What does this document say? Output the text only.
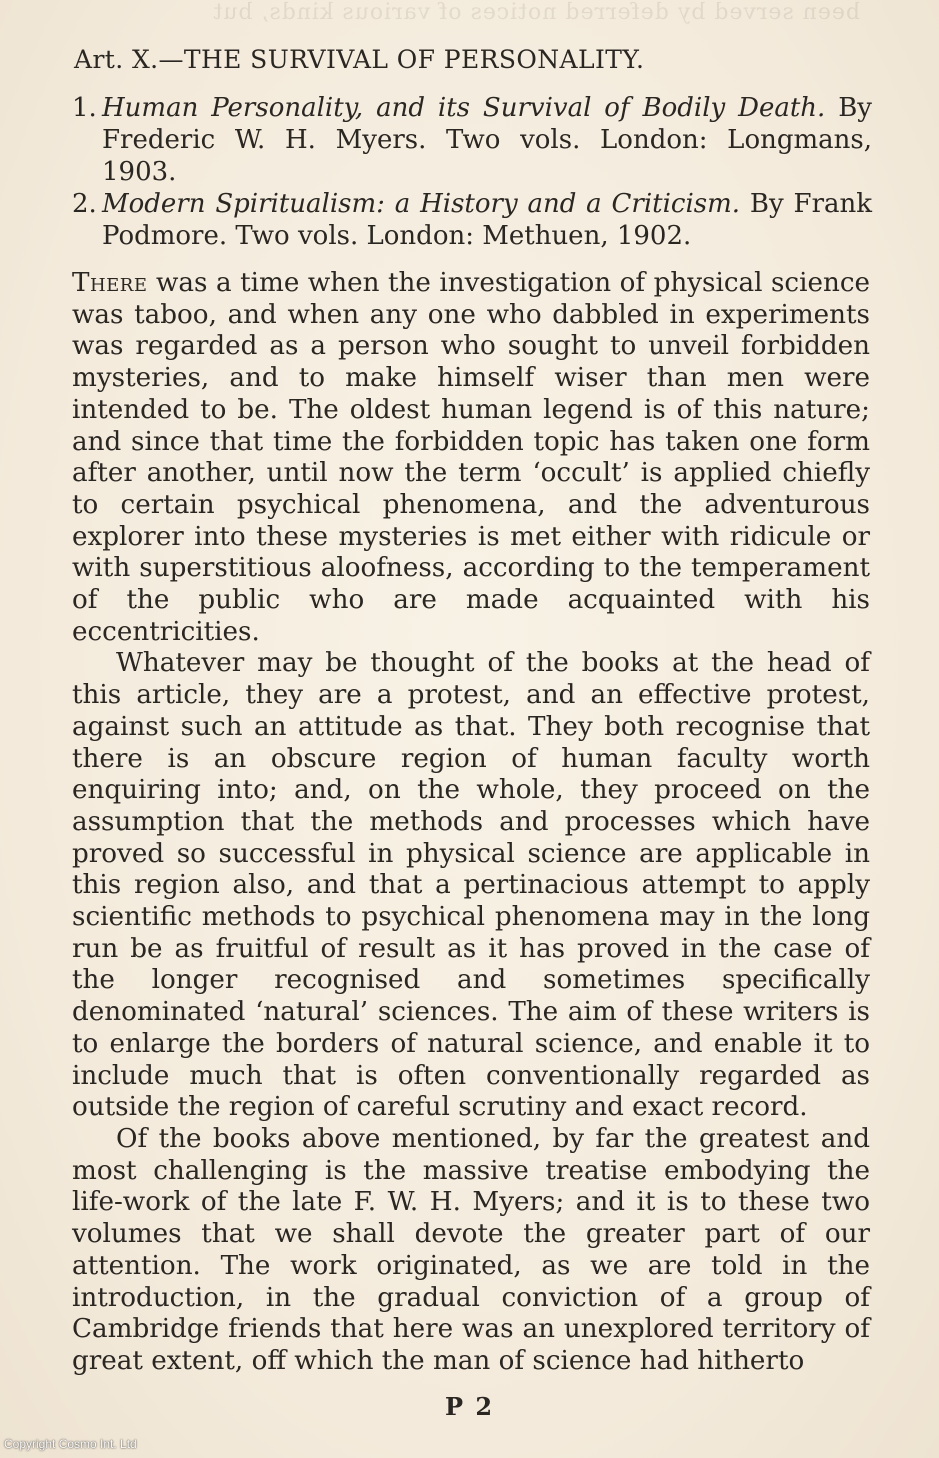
been served by deferred notices of various kinds, but
Art. X.—THE SURVIVAL OF PERSONALITY.
1. Human Personality, and its Survival of Bodily Death. By Frederic W. H. Myers. Two vols. London: Longmans, 1903.
2. Modern Spiritualism: a History and a Criticism. By Frank Podmore. Two vols. London: Methuen, 1902.

There was a time when the investigation of physical science was taboo, and when any one who dabbled in experiments was regarded as a person who sought to unveil forbidden mysteries, and to make himself wiser than men were intended to be. The oldest human legend is of this nature; and since that time the forbidden topic has taken one form after another, until now the term ‘occult’ is applied chiefly to certain psychical phenomena, and the adventurous explorer into these mysteries is met either with ridicule or with superstitious aloofness, according to the temperament of the public who are made acquainted with his eccentricities.

Whatever may be thought of the books at the head of this article, they are a protest, and an effective protest, against such an attitude as that. They both recognise that there is an obscure region of human faculty worth enquiring into; and, on the whole, they proceed on the assumption that the methods and processes which have proved so successful in physical science are applicable in this region also, and that a pertinacious attempt to apply scientific methods to psychical phenomena may in the long run be as fruitful of result as it has proved in the case of the longer recognised and sometimes specifically denominated ‘natural’ sciences. The aim of these writers is to enlarge the borders of natural science, and enable it to include much that is often conventionally regarded as outside the region of careful scrutiny and exact record.

Of the books above mentioned, by far the greatest and most challenging is the massive treatise embodying the life-work of the late F. W. H. Myers; and it is to these two volumes that we shall devote the greater part of our attention. The work originated, as we are told in the introduction, in the gradual conviction of a group of Cambridge friends that here was an unexplored territory of great extent, off which the man of science had hitherto

P 2
Copyright Cosmo Int. Ltd
